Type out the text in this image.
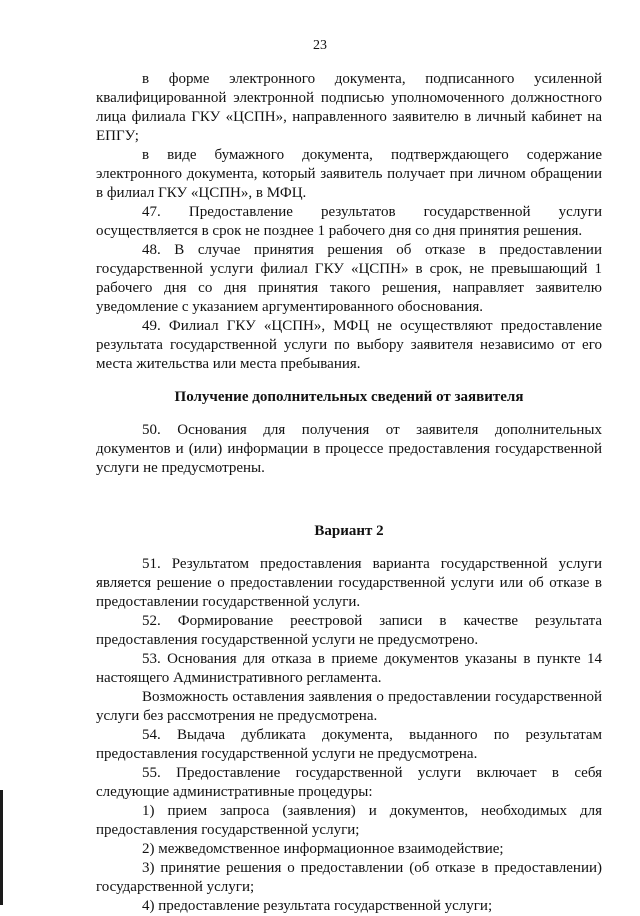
23

в форме электронного документа, подписанного усиленной квалифицированной электронной подписью уполномоченного должностного лица филиала ГКУ «ЦСПН», направленного заявителю в личный кабинет на ЕПГУ;

в виде бумажного документа, подтверждающего содержание электронного документа, который заявитель получает при личном обращении в филиал ГКУ «ЦСПН», в МФЦ.

47. Предоставление результатов государственной услуги осуществляется в срок не позднее 1 рабочего дня со дня принятия решения.

48. В случае принятия решения об отказе в предоставлении государственной услуги филиал ГКУ «ЦСПН» в срок, не превышающий 1 рабочего дня со дня принятия такого решения, направляет заявителю уведомление с указанием аргументированного обоснования.

49. Филиал ГКУ «ЦСПН», МФЦ не осуществляют предоставление результата государственной услуги по выбору заявителя независимо от его места жительства или места пребывания.

Получение дополнительных сведений от заявителя

50. Основания для получения от заявителя дополнительных документов и (или) информации в процессе предоставления государственной услуги не предусмотрены.

Вариант 2

51. Результатом предоставления варианта государственной услуги является решение о предоставлении государственной услуги или об отказе в предоставлении государственной услуги.

52. Формирование реестровой записи в качестве результата предоставления государственной услуги не предусмотрено.

53. Основания для отказа в приеме документов указаны в пункте 14 настоящего Административного регламента.

Возможность оставления заявления о предоставлении государственной услуги без рассмотрения не предусмотрена.

54. Выдача дубликата документа, выданного по результатам предоставления государственной услуги не предусмотрена.

55. Предоставление государственной услуги включает в себя следующие административные процедуры:

1) прием запроса (заявления) и документов, необходимых для предоставления государственной услуги;

2) межведомственное информационное взаимодействие;

3) принятие решения о предоставлении (об отказе в предоставлении) государственной услуги;

4) предоставление результата государственной услуги;
